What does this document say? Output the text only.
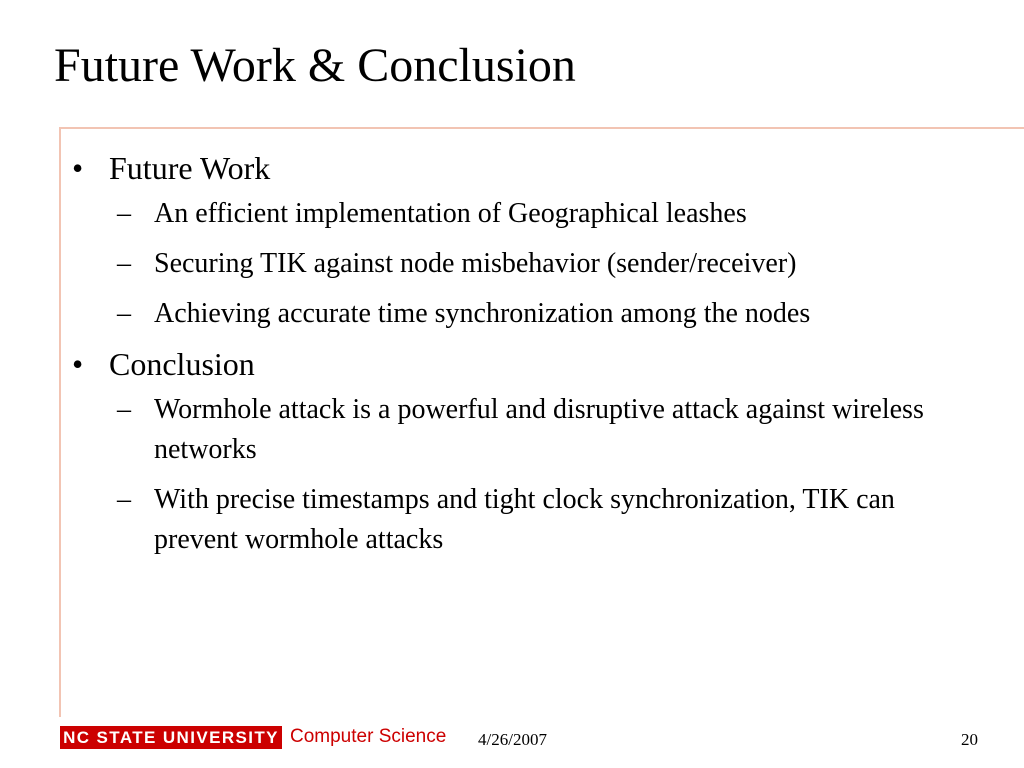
Future Work & Conclusion
• Future Work
– An efficient implementation of Geographical leashes
– Securing TIK against node misbehavior (sender/receiver)
– Achieving accurate time synchronization among the nodes
• Conclusion
– Wormhole attack is a powerful and disruptive attack against wireless networks
– With precise timestamps and tight clock synchronization, TIK can prevent wormhole attacks
NC STATE UNIVERSITY Computer Science 4/26/2007	20
